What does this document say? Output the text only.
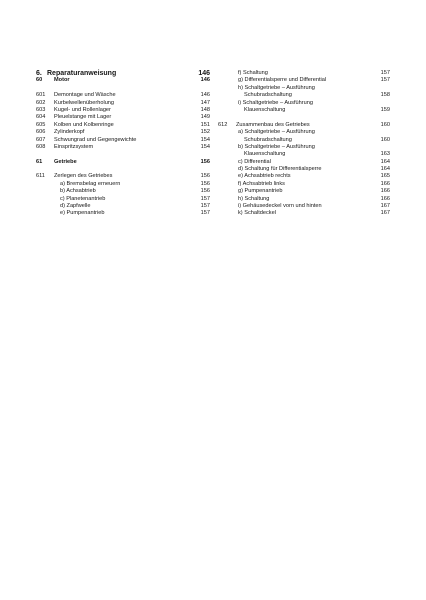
6. Reparaturanweisung	146
60 Motor	146
601 Demontage und Wäsche	146
602 Kurbelwellenüberholung	147
603 Kugel- und Rollenlager	148
604 Pleuelstange mit Lager	149
605 Kolben und Kolbenringe	151
606 Zylinderkopf	152
607 Schwungrad und Gegengewichte	154
608 Einspritzsystem	154
61 Getriebe	156
611 Zerlegen des Getriebes	156
a) Bremsbelag erneuern	156
b) Achsabtrieb	156
c) Planetenantrieb	157
d) Zapfwelle	157
e) Pumpenantrieb	157
f) Schaltung	157
g) Differentialsperre und Differential	157
h) Schaltgetriebe – Ausführung
Schubradschaltung	158
i) Schaltgetriebe – Ausführung
Klauenschaltung	159
612 Zusammenbau des Getriebes	160
a) Schaltgetriebe – Ausführung
Schubradschaltung	160
b) Schaltgetriebe – Ausführung
Klauenschaltung	163
c) Differential	164
d) Schaltung für Differentialsperre	164
e) Achsabtrieb rechts	165
f) Achsabtrieb links	166
g) Pumpenantrieb	166
h) Schaltung	166
i) Gehäusedeckel vorn und hinten	167
k) Schaltdeckel	167
